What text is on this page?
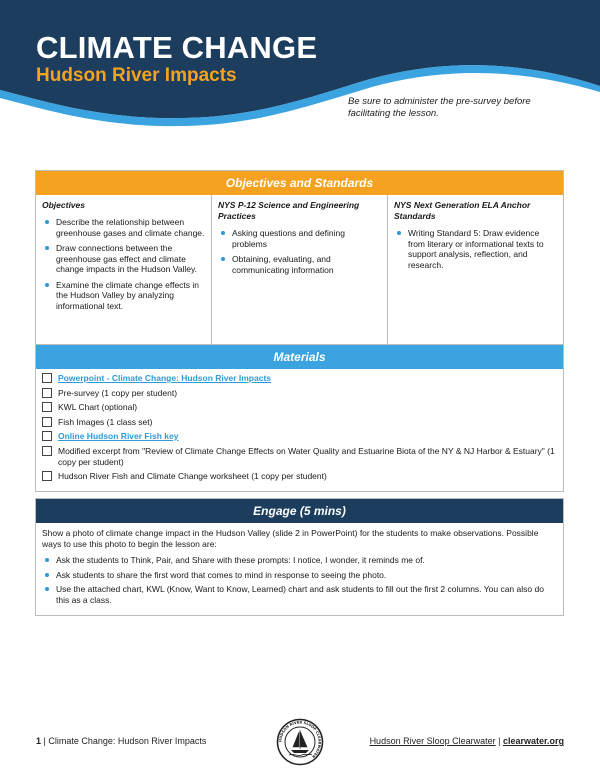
CLIMATE CHANGE
Hudson River Impacts
Be sure to administer the pre-survey before facilitating the lesson.
Objectives and Standards
Objectives
Describe the relationship between greenhouse gases and climate change.
Draw connections between the greenhouse gas effect and climate change impacts in the Hudson Valley.
Examine the climate change effects in the Hudson Valley by analyzing informational text.
NYS P-12 Science and Engineering Practices
Asking questions and defining problems
Obtaining, evaluating, and communicating information
NYS Next Generation ELA Anchor Standards
Writing Standard 5: Draw evidence from literary or informational texts to support analysis, reflection, and research.
Materials
Powerpoint - Climate Change: Hudson River Impacts
Pre-survey (1 copy per student)
KWL Chart (optional)
Fish Images (1 class set)
Online Hudson River Fish key
Modified excerpt from "Review of Climate Change Effects on Water Quality and Estuarine Biota of the NY & NJ Harbor & Estuary" (1 copy per student)
Hudson River Fish and Climate Change worksheet (1 copy per student)
Engage (5 mins)
Show a photo of climate change impact in the Hudson Valley (slide 2 in PowerPoint) for the students to make observations. Possible ways to use this photo to begin the lesson are:
Ask the students to Think, Pair, and Share with these prompts: I notice, I wonder, it reminds me of.
Ask students to share the first word that comes to mind in response to seeing the photo.
Use the attached chart, KWL (Know, Want to Know, Learned) chart and ask students to fill out the first 2 columns. You can also do this as a class.
1 | Climate Change: Hudson River Impacts	HUDSON RIVER SLOOP CLEARWATER
Hudson River Sloop Clearwater | clearwater.org
